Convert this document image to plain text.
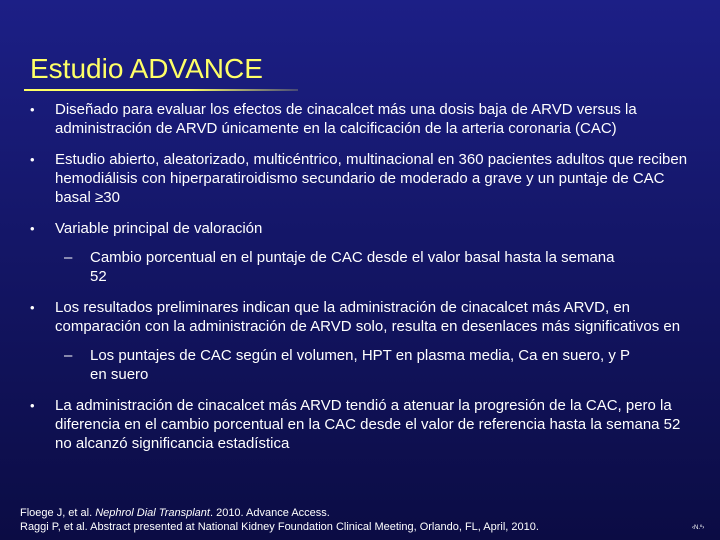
Estudio ADVANCE
• Diseñado para evaluar los efectos de cinacalcet más una dosis baja de ARVD versus la administración de ARVD únicamente en la calcificación de la arteria coronaria (CAC)
• Estudio abierto, aleatorizado, multicéntrico, multinacional en 360 pacientes adultos que reciben hemodiálisis con hiperparatiroidismo secundario de moderado a grave y un puntaje de CAC basal ≥30
• Variable principal de valoración
– Cambio porcentual en el puntaje de CAC desde el valor basal hasta la semana 52
• Los resultados preliminares indican que la administración de cinacalcet más ARVD, en comparación con la administración de ARVD solo, resulta en desenlaces más significativos en
– Los puntajes de CAC según el volumen, HPT en plasma media, Ca en suero, y P en suero
• La administración de cinacalcet más ARVD tendió a atenuar la progresión de la CAC, pero la diferencia en el cambio porcentual en la CAC desde el valor de referencia hasta la semana 52 no alcanzó significancia estadística
Floege J, et al. Nephrol Dial Transplant. 2010. Advance Access.
Raggi P, et al. Abstract presented at National Kidney Foundation Clinical Meeting, Orlando, FL, April, 2010.	‹N.º›
